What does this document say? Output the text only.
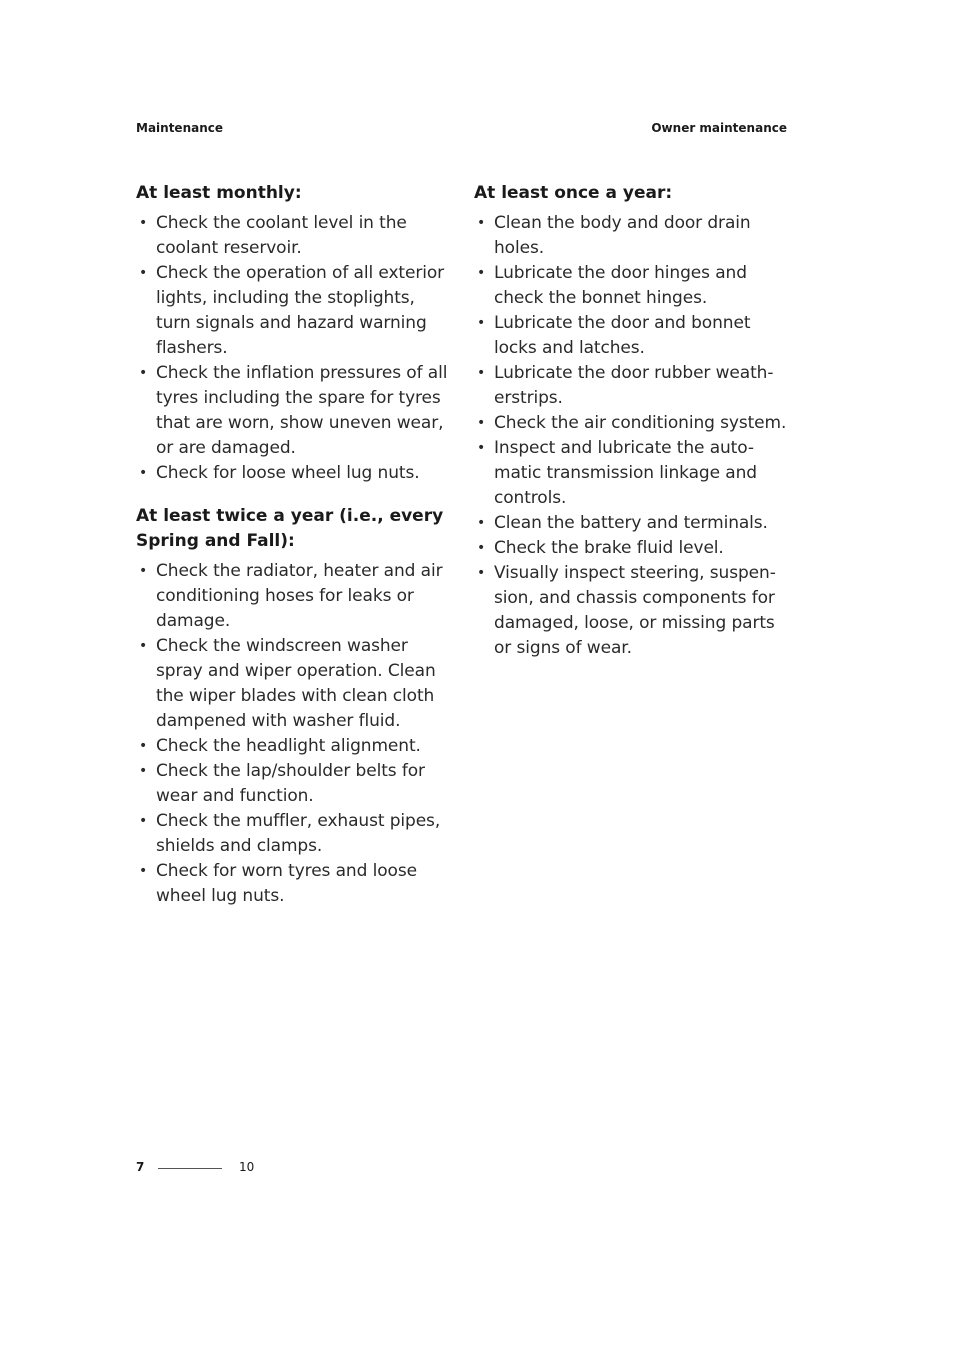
Maintenance	Owner maintenance
At least monthly:
• Check the coolant level in the coolant reservoir.
• Check the operation of all exterior lights, including the stoplights, turn signals and hazard warning flashers.
• Check the inflation pressures of all tyres including the spare for tyres that are worn, show uneven wear, or are damaged.
• Check for loose wheel lug nuts.
At least twice a year (i.e., every Spring and Fall):
• Check the radiator, heater and air conditioning hoses for leaks or damage.
• Check the windscreen washer spray and wiper operation. Clean the wiper blades with clean cloth dampened with washer fluid.
• Check the headlight alignment.
• Check the lap/shoulder belts for wear and function.
• Check the muffler, exhaust pipes, shields and clamps.
• Check for worn tyres and loose wheel lug nuts.
At least once a year:
• Clean the body and door drain holes.
• Lubricate the door hinges and check the bonnet hinges.
• Lubricate the door and bonnet locks and latches.
• Lubricate the door rubber weath-erstrips.
• Check the air conditioning system.
• Inspect and lubricate the auto-matic transmission linkage and controls.
• Clean the battery and terminals.
• Check the brake fluid level.
• Visually inspect steering, suspen-sion, and chassis components for damaged, loose, or missing parts or signs of wear.
7	10
